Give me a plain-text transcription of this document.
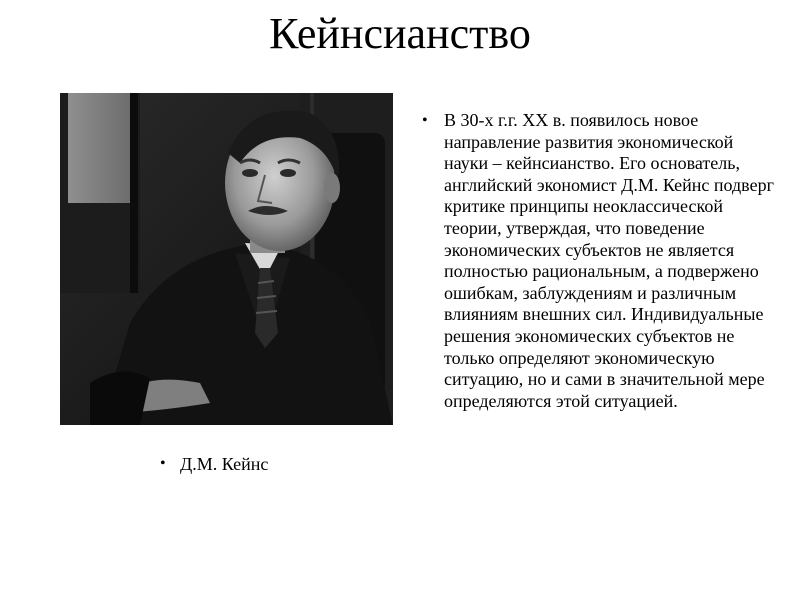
Кейнсианство
• Д.М. Кейнс
• В 30-х г.г. XX в. появилось новое направление развития экономической науки – кейнсианство. Его основатель, английский экономист Д.М. Кейнс подверг критике принципы неоклассической теории, утверждая, что поведение экономических субъектов не является полностью рациональным, а подвержено ошибкам, заблуждениям и различным влияниям внешних сил. Индивидуальные решения экономических субъектов не только определяют экономическую ситуацию, но и сами в значительной мере определяются этой ситуацией.
